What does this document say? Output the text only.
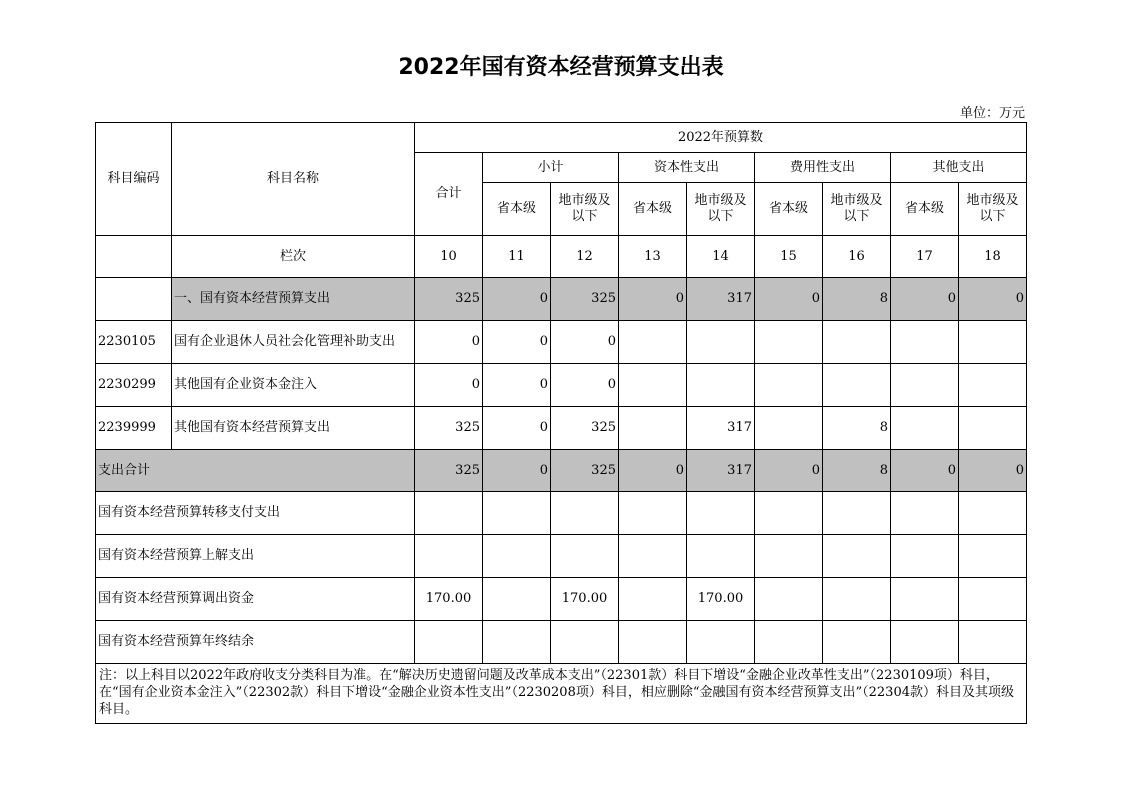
2022年国有资本经营预算支出表
单位：万元
科目编码	科目名称	2022年预算数								
		合计	小计		资本性支出		费用性支出		其他支出	
			省本级	地市级及以下	省本级	地市级及以下	省本级	地市级及以下	省本级	地市级及以下
	栏次	10	11	12	13	14	15	16	17	18
	一、国有资本经营预算支出	325	0	325	0	317	0	8	0	0
2230105	国有企业退休人员社会化管理补助支出	0	0	0						
2230299	其他国有企业资本金注入	0	0	0						
2239999	其他国有资本经营预算支出	325	0	325		317		8		
支出合计		325	0	325	0	317	0	8	0	0
国有资本经营预算转移支付支出										
国有资本经营预算上解支出										
国有资本经营预算调出资金		170.00		170.00		170.00				
国有资本经营预算年终结余										
注：以上科目以2022年政府收支分类科目为准。在“解决历史遗留问题及改革成本支出”（22301款）科目下增设“金融企业改革性支出”（2230109项）科目，在“国有企业资本金注入”（22302款）科目下增设“金融企业资本性支出”（2230208项）科目，相应删除“金融国有资本经营预算支出”（22304款）科目及其项级科目。										
